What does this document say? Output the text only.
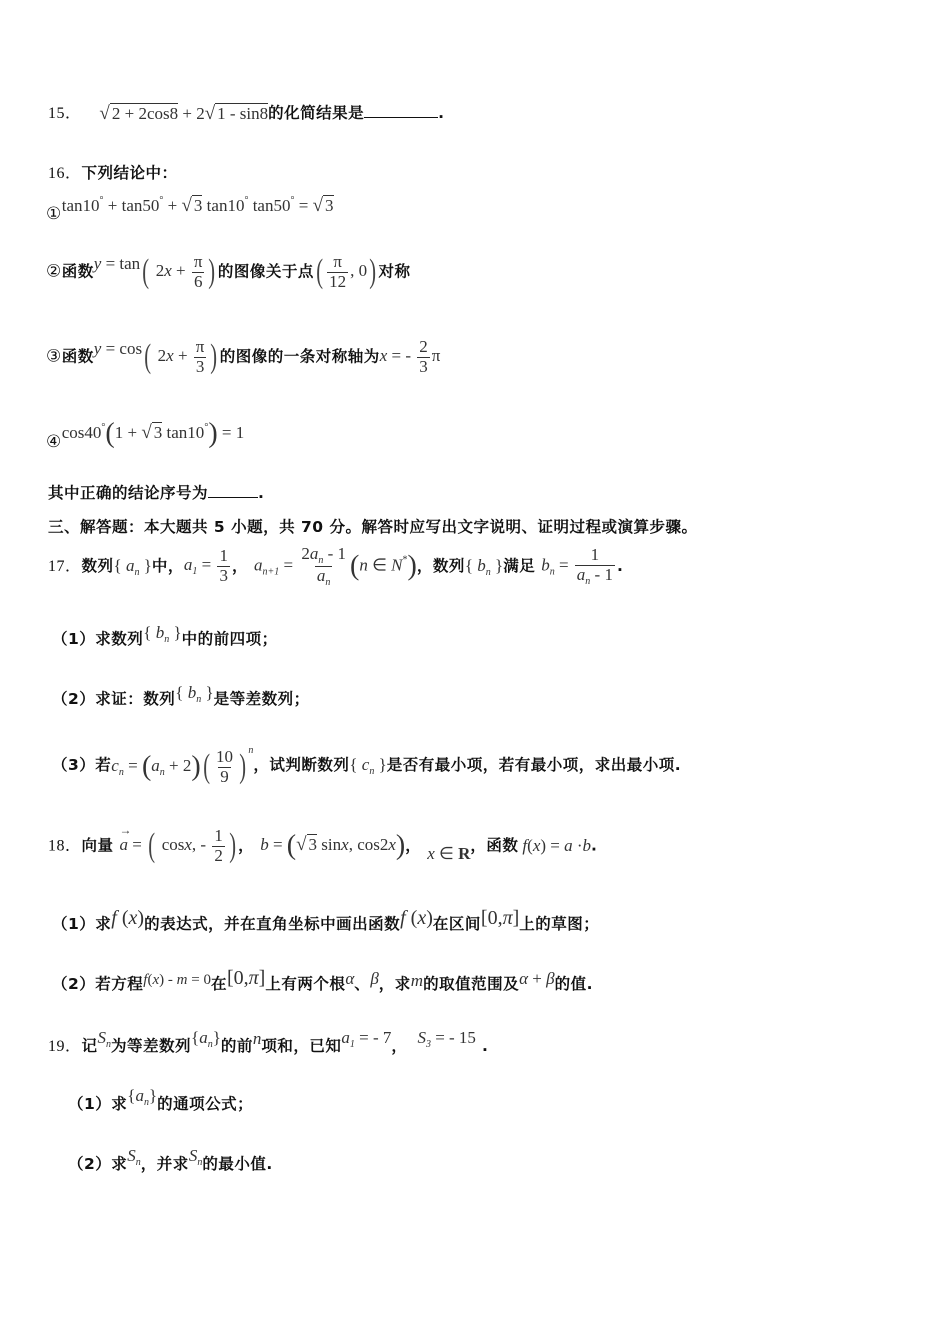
15． √ 2 + 2cos8 + 2√ 1 - sin8的化简结果是	.
16．下列结论中：
①tan10° + tan50° + √ 3 tan10° tan50° = √ 3
②函数y = tan( $2x + \frac{\pi}{6}$ ) 的图像关于点( $\frac{\pi}{12}$ , 0) 对称
③函数y = cos( $2x + \frac{\pi}{3}$ ) 的图像的一条对称轴为x = - $\frac{2}{3}$ π
④cos40°(1 + √ 3 tan10°) = 1
其中正确的结论序号为	.
三、解答题：本大题共 5 小题，共 70 分。解答时应写出文字说明、证明过程或演算步骤。
17．数列{ $a_n$ }中，$a_1 = \frac{1}{3}$ ， $a_{n+1} = \frac{2a_n - 1}{a_n} (n$ ∈ N*)，数列{ $b_n$ }满足 $b_n = \frac{1}{a_n - 1}$ .
（1）求数列{ $b_n$ }中的前四项；
（2）求证：数列{ $b_n$ }是等差数列；
（3）若$c_n = (a_n + 2)( \frac{10}{9}$ ) $^n$，试判断数列{ $c_n$ }是否有最小项，若有最小项，求出最小项.
18．向量 a
→
= ( cosx, - $\frac{1}{2}$ ) ， b = (√ 3 sinx, cos2x)， x ∈ R，函数 f(x) = a ·b.
（1）求f (x)的表达式，并在直角坐标中画出函数f (x)在区间[0,π]上的草图；
（2）若方程f(x) - m = 0在[0,π]上有两个根α、β，求m的取值范围及α + β的值.
19．记$S_n$为等差数列$\{a_n\}$的前n项和，已知$a_1$ = - 7， $S_3$ = - 15 .
（1）求$\{a_n\}$的通项公式；
（2）求$S_n$，并求$S_n$的最小值.
